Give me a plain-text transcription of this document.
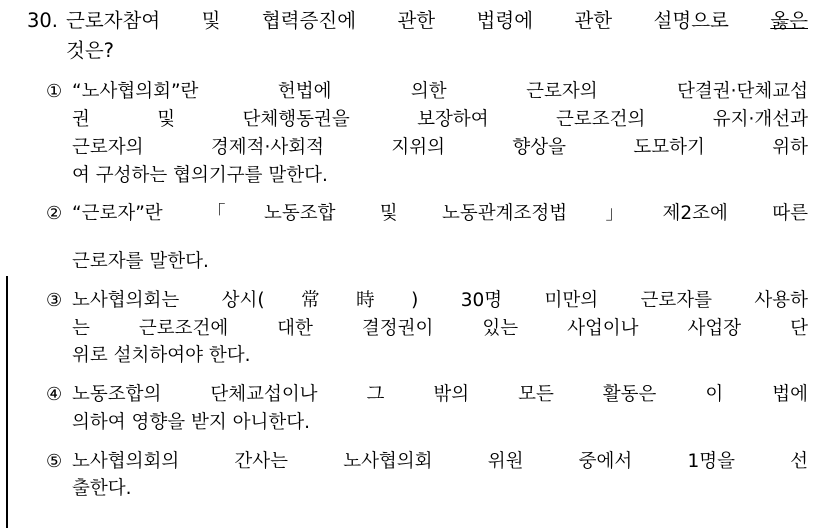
30. 근로자참여 및 협력증진에 관한 법령에 관한 설명으로 옳은
것은?
① “노사협의회”란 헌법에 의한 근로자의 단결권·단체교섭
권 및 단체행동권을 보장하여 근로조건의 유지·개선과
근로자의 경제적·사회적 지위의 향상을 도모하기 위하
여 구성하는 협의기구를 말한다.
② “근로자”란 「노동조합 및 노동관계조정법」제2조에 따른
근로자를 말한다.
③ 노사협의회는 상시(常時) 30명 미만의 근로자를 사용하
는 근로조건에 대한 결정권이 있는 사업이나 사업장 단
위로 설치하여야 한다.
④ 노동조합의 단체교섭이나 그 밖의 모든 활동은 이 법에
의하여 영향을 받지 아니한다.
⑤ 노사협의회의 간사는 노사협의회 위원 중에서 1명을 선
출한다.
